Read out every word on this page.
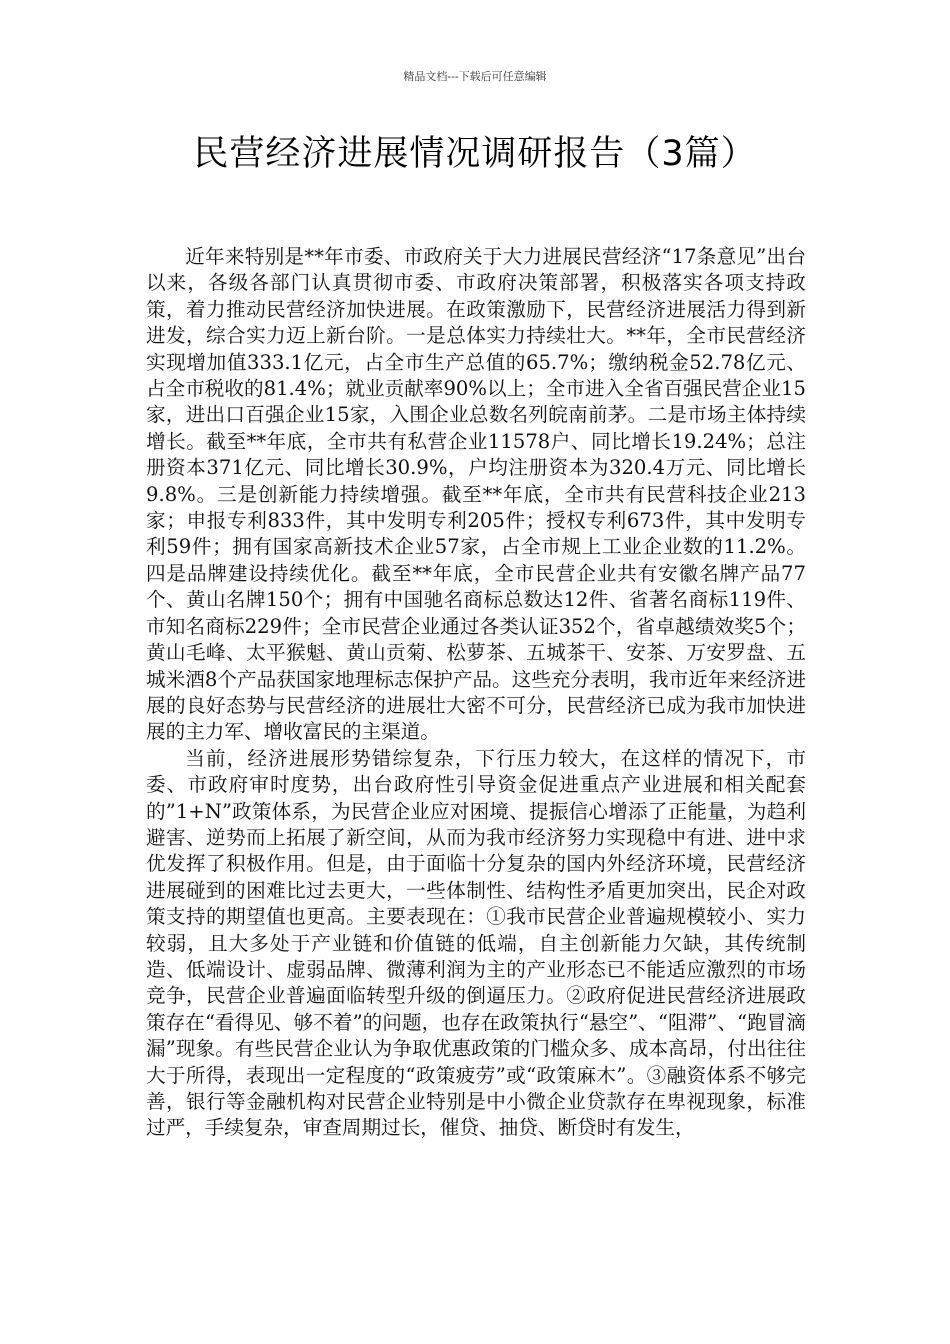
精品文档---下载后可任意编辑
民营经济进展情况调研报告（3篇）

近年来特别是**年市委、市政府关于大力进展民营经济“17条意见”出台以来，各级各部门认真贯彻市委、市政府决策部署，积极落实各项支持政策，着力推动民营经济加快进展。在政策激励下，民营经济进展活力得到新进发，综合实力迈上新台阶。一是总体实力持续壮大。**年，全市民营经济实现增加值333.1亿元，占全市生产总值的65.7%；缴纳税金52.78亿元、占全市税收的81.4%；就业贡献率90%以上；全市进入全省百强民营企业15家，进出口百强企业15家，入围企业总数名列皖南前茅。二是市场主体持续增长。截至**年底，全市共有私营企业11578户、同比增长19.24%；总注册资本371亿元、同比增长30.9%，户均注册资本为320.4万元、同比增长9.8%。三是创新能力持续增强。截至**年底，全市共有民营科技企业213家；申报专利833件，其中发明专利205件；授权专利673件，其中发明专利59件；拥有国家高新技术企业57家，占全市规上工业企业数的11.2%。四是品牌建设持续优化。截至**年底，全市民营企业共有安徽名牌产品77个、黄山名牌150个；拥有中国驰名商标总数达12件、省著名商标119件、市知名商标229件；全市民营企业通过各类认证352个，省卓越绩效奖5个；黄山毛峰、太平猴魁、黄山贡菊、松萝茶、五城茶干、安茶、万安罗盘、五城米酒8个产品获国家地理标志保护产品。这些充分表明，我市近年来经济进展的良好态势与民营经济的进展壮大密不可分，民营经济已成为我市加快进展的主力军、增收富民的主渠道。

当前，经济进展形势错综复杂，下行压力较大，在这样的情况下，市委、市政府审时度势，出台政府性引导资金促进重点产业进展和相关配套的”1+N”政策体系，为民营企业应对困境、提振信心增添了正能量，为趋利避害、逆势而上拓展了新空间，从而为我市经济努力实现稳中有进、进中求优发挥了积极作用。但是，由于面临十分复杂的国内外经济环境，民营经济进展碰到的困难比过去更大，一些体制性、结构性矛盾更加突出，民企对政策支持的期望值也更高。主要表现在：①我市民营企业普遍规模较小、实力较弱，且大多处于产业链和价值链的低端，自主创新能力欠缺，其传统制造、低端设计、虚弱品牌、微薄利润为主的产业形态已不能适应激烈的市场竞争，民营企业普遍面临转型升级的倒逼压力。②政府促进民营经济进展政策存在“看得见、够不着”的问题，也存在政策执行“悬空”、“阻滞”、“跑冒滴漏”现象。有些民营企业认为争取优惠政策的门槛众多、成本高昂，付出往往大于所得，表现出一定程度的“政策疲劳”或“政策麻木”。③融资体系不够完善，银行等金融机构对民营企业特别是中小微企业贷款存在卑视现象，标准过严，手续复杂，审查周期过长，催贷、抽贷、断贷时有发生，
